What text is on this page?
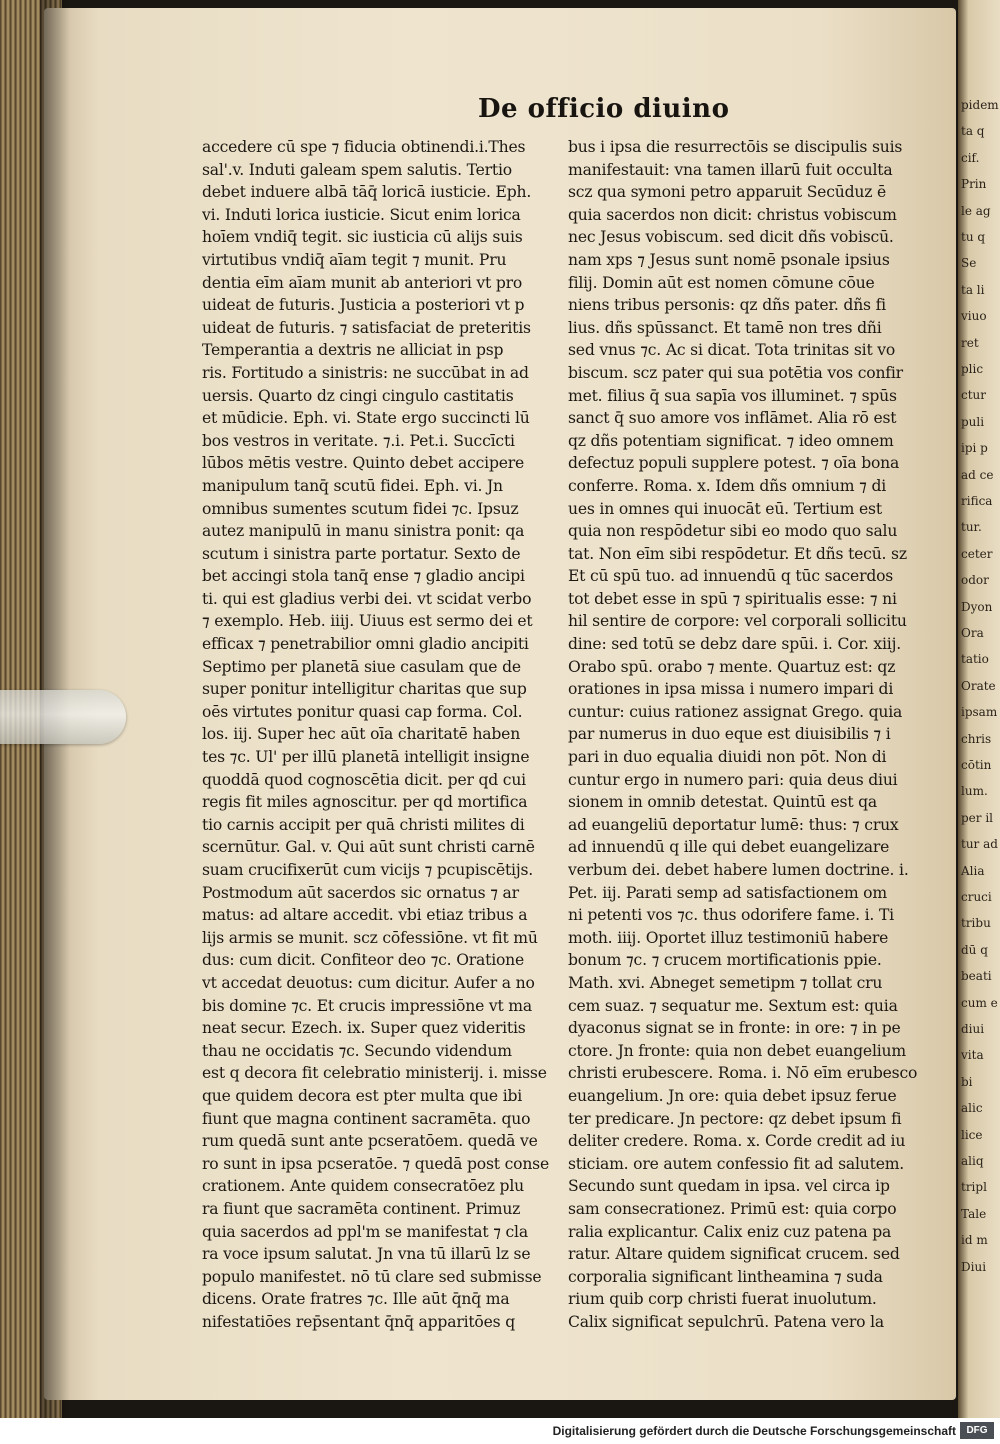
De officio diuino
accedere cū spe ⁊ fiducia obtinendi.i.Thes
sal'.v. Induti galeam spem salutis. Tertio
debet induere albā tāq̄ loricā iusticie. Eph.
vi. Induti lorica iusticie. Sicut enim lorica
hoīem vndiq̄ tegit. sic iusticia cū alijs suis
virtutibus vndiq̄ aīam tegit ⁊ munit. Pru
dentia eīm aīam munit ab anteriori vt pro
uideat de futuris. Justicia a posteriori vt p
uideat de futuris. ⁊ satisfaciat de preteritis
Temperantia a dextris ne alliciat in psp
ris. Fortitudo a sinistris: ne succūbat in ad
uersis. Quarto dz cingi cingulo castitatis
et mūdicie. Eph. vi. State ergo succincti lū
bos vestros in veritate. ⁊.i. Pet.i. Succīcti
lūbos mētis vestre. Quinto debet accipere
manipulum tanq̄ scutū fidei. Eph. vi. Jn
omnibus sumentes scutum fidei ⁊c. Ipsuz
autez manipulū in manu sinistra ponit: qa
scutum i sinistra parte portatur. Sexto de
bet accingi stola tanq̄ ense ⁊ gladio ancipi
ti. qui est gladius verbi dei. vt scidat verbo
⁊ exemplo. Heb. iiij. Uiuus est sermo dei et
efficax ⁊ penetrabilior omni gladio ancipiti
Septimo per planetā siue casulam que de
super ponitur intelligitur charitas que sup
oēs virtutes ponitur quasi cap forma. Col.
los. iij. Super hec aūt oīa charitatē haben
tes ⁊c. Ul' per illū planetā intelligit insigne
quoddā quod cognoscētia dicit. per qd cui
regis fit miles agnoscitur. per qd mortifica
tio carnis accipit per quā christi milites di
scernūtur. Gal. v. Qui aūt sunt christi carnē
suam crucifixerūt cum vicijs ⁊ pcupiscētijs.
Postmodum aūt sacerdos sic ornatus ⁊ ar
matus: ad altare accedit. vbi etiaz tribus a
lijs armis se munit. scz cōfessiōne. vt fit mū
dus: cum dicit. Confiteor deo ⁊c. Oratione
vt accedat deuotus: cum dicitur. Aufer a no
bis domine ⁊c. Et crucis impressiōne vt ma
neat secur. Ezech. ix. Super quez videritis
thau ne occidatis ⁊c. Secundo videndum
est q decora fit celebratio ministerij. i. misse
que quidem decora est pter multa que ibi
fiunt que magna continent sacramēta. quo
rum quedā sunt ante pcseratōem. quedā ve
ro sunt in ipsa pcseratōe. ⁊ quedā post conse
crationem. Ante quidem consecratōez plu
ra fiunt que sacramēta continent. Primuz
quia sacerdos ad ppl'm se manifestat ⁊ cla
ra voce ipsum salutat. Jn vna tū illarū lz se
populo manifestet. nō tū clare sed submisse
dicens. Orate fratres ⁊c. Ille aūt q̄nq̄ ma
nifestatiōes rep̄sentant q̄nq̄ apparitōes q
bus i ipsa die resurrectōis se discipulis suis
manifestauit: vna tamen illarū fuit occulta
scz qua symoni petro apparuit Secūduz ē
quia sacerdos non dicit: christus vobiscum
nec Jesus vobiscum. sed dicit dñs vobiscū.
nam xps ⁊ Jesus sunt nomē psonale ipsius
filij. Domin aūt est nomen cōmune cōue
niens tribus personis: qz dñs pater. dñs fi
lius. dñs spūssanct. Et tamē non tres dñi
sed vnus ⁊c. Ac si dicat. Tota trinitas sit vo
biscum. scz pater qui sua potētia vos confir
met. filius q̄ sua sapīa vos illuminet. ⁊ spūs
sanct q̄ suo amore vos inflāmet. Alia rō est
qz dñs potentiam significat. ⁊ ideo omnem
defectuz populi supplere potest. ⁊ oīa bona
conferre. Roma. x. Idem dñs omnium ⁊ di
ues in omnes qui inuocāt eū. Tertium est
quia non respōdetur sibi eo modo quo salu
tat. Non eīm sibi respōdetur. Et dñs tecū. sz
Et cū spū tuo. ad innuendū q tūc sacerdos
tot debet esse in spū ⁊ spiritualis esse: ⁊ ni
hil sentire de corpore: vel corporali sollicitu
dine: sed totū se debz dare spūi. i. Cor. xiij.
Orabo spū. orabo ⁊ mente. Quartuz est: qz
orationes in ipsa missa i numero impari di
cuntur: cuius rationez assignat Grego. quia
par numerus in duo eque est diuisibilis ⁊ i
pari in duo equalia diuidi non pōt. Non di
cuntur ergo in numero pari: quia deus diui
sionem in omnib detestat. Quintū est qa
ad euangeliū deportatur lumē: thus: ⁊ crux
ad innuendū q ille qui debet euangelizare
verbum dei. debet habere lumen doctrine. i.
Pet. iij. Parati semp ad satisfactionem om
ni petenti vos ⁊c. thus odorifere fame. i. Ti
moth. iiij. Oportet illuz testimoniū habere
bonum ⁊c. ⁊ crucem mortificationis ppie.
Math. xvi. Abneget semetipm ⁊ tollat cru
cem suaz. ⁊ sequatur me. Sextum est: quia
dyaconus signat se in fronte: in ore: ⁊ in pe
ctore. Jn fronte: quia non debet euangelium
christi erubescere. Roma. i. Nō eīm erubesco
euangelium. Jn ore: quia debet ipsuz ferue
ter predicare. Jn pectore: qz debet ipsum fi
deliter credere. Roma. x. Corde credit ad iu
sticiam. ore autem confessio fit ad salutem.
Secundo sunt quedam in ipsa. vel circa ip
sam consecrationez. Primū est: quia corpo
ralia explicantur. Calix eniz cuz patena pa
ratur. Altare quidem significat crucem. sed
corporalia significant lintheamina ⁊ suda
rium quib corp christi fuerat inuolutum.
Calix significat sepulchrū. Patena vero la
pidem
ta q
cif.
Prin
le ag
tu q
Se
ta li
viuo
ret
plic
ctur
puli
ipi p
ad ce
rifica
tur.
ceter
odor
Dyon
Ora
tatio
Orate
ipsam
chris
cōtin
lum.
per il
tur ad
Alia
cruci
tribu
dū q
beati
cum e
diui
vita
bi
alic
lice
aliq
tripl
Tale
id m
Diui
Digitalisierung gefördert durch die Deutsche Forschungsgemeinschaft	DFG
